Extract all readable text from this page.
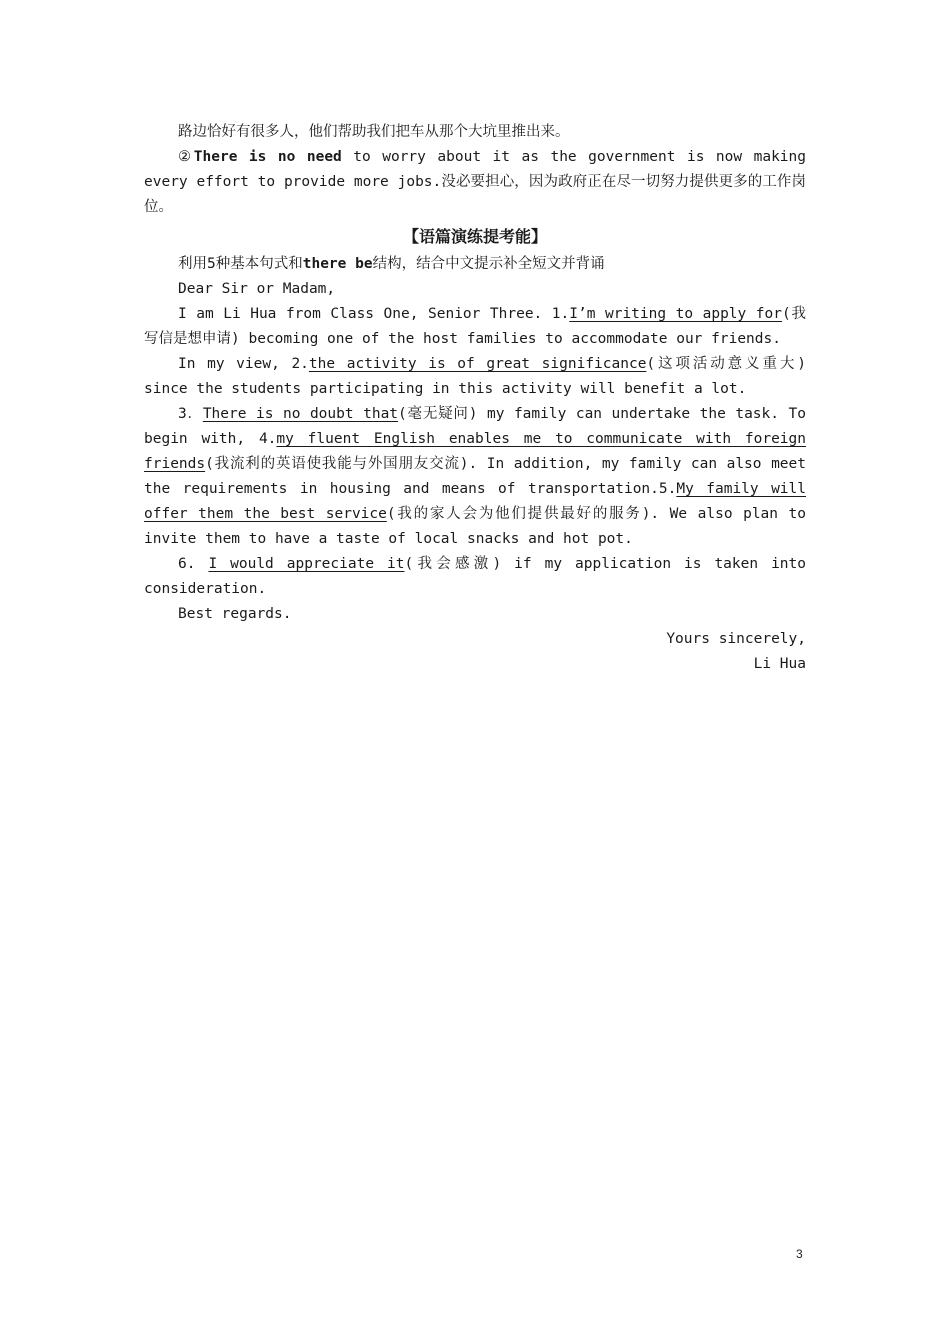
路边恰好有很多人，他们帮助我们把车从那个大坑里推出来。

②There is no need to worry about it as the government is now making every effort to provide more jobs.没必要担心，因为政府正在尽一切努力提供更多的工作岗位。

【语篇演练提考能】

利用5种基本句式和there be结构，结合中文提示补全短文并背诵

Dear Sir or Madam,

I am Li Hua from Class One, Senior Three. 1.I’m writing to apply for(我写信是想申请) becoming one of the host families to accommodate our friends.

In my view, 2.the activity is of great significance(这项活动意义重大) since the students participating in this activity will benefit a lot.

3．There is no doubt that(毫无疑问) my family can undertake the task. To begin with, 4.my fluent English enables me to communicate with foreign friends(我流利的英语使我能与外国朋友交流). In addition, my family can also meet the requirements in housing and means of transportation.5.My family will offer them the best service(我的家人会为他们提供最好的服务). We also plan to invite them to have a taste of local snacks and hot pot.

6. I would appreciate it(我会感激) if my application is taken into consideration.

Best regards.

Yours sincerely,

Li Hua

3
